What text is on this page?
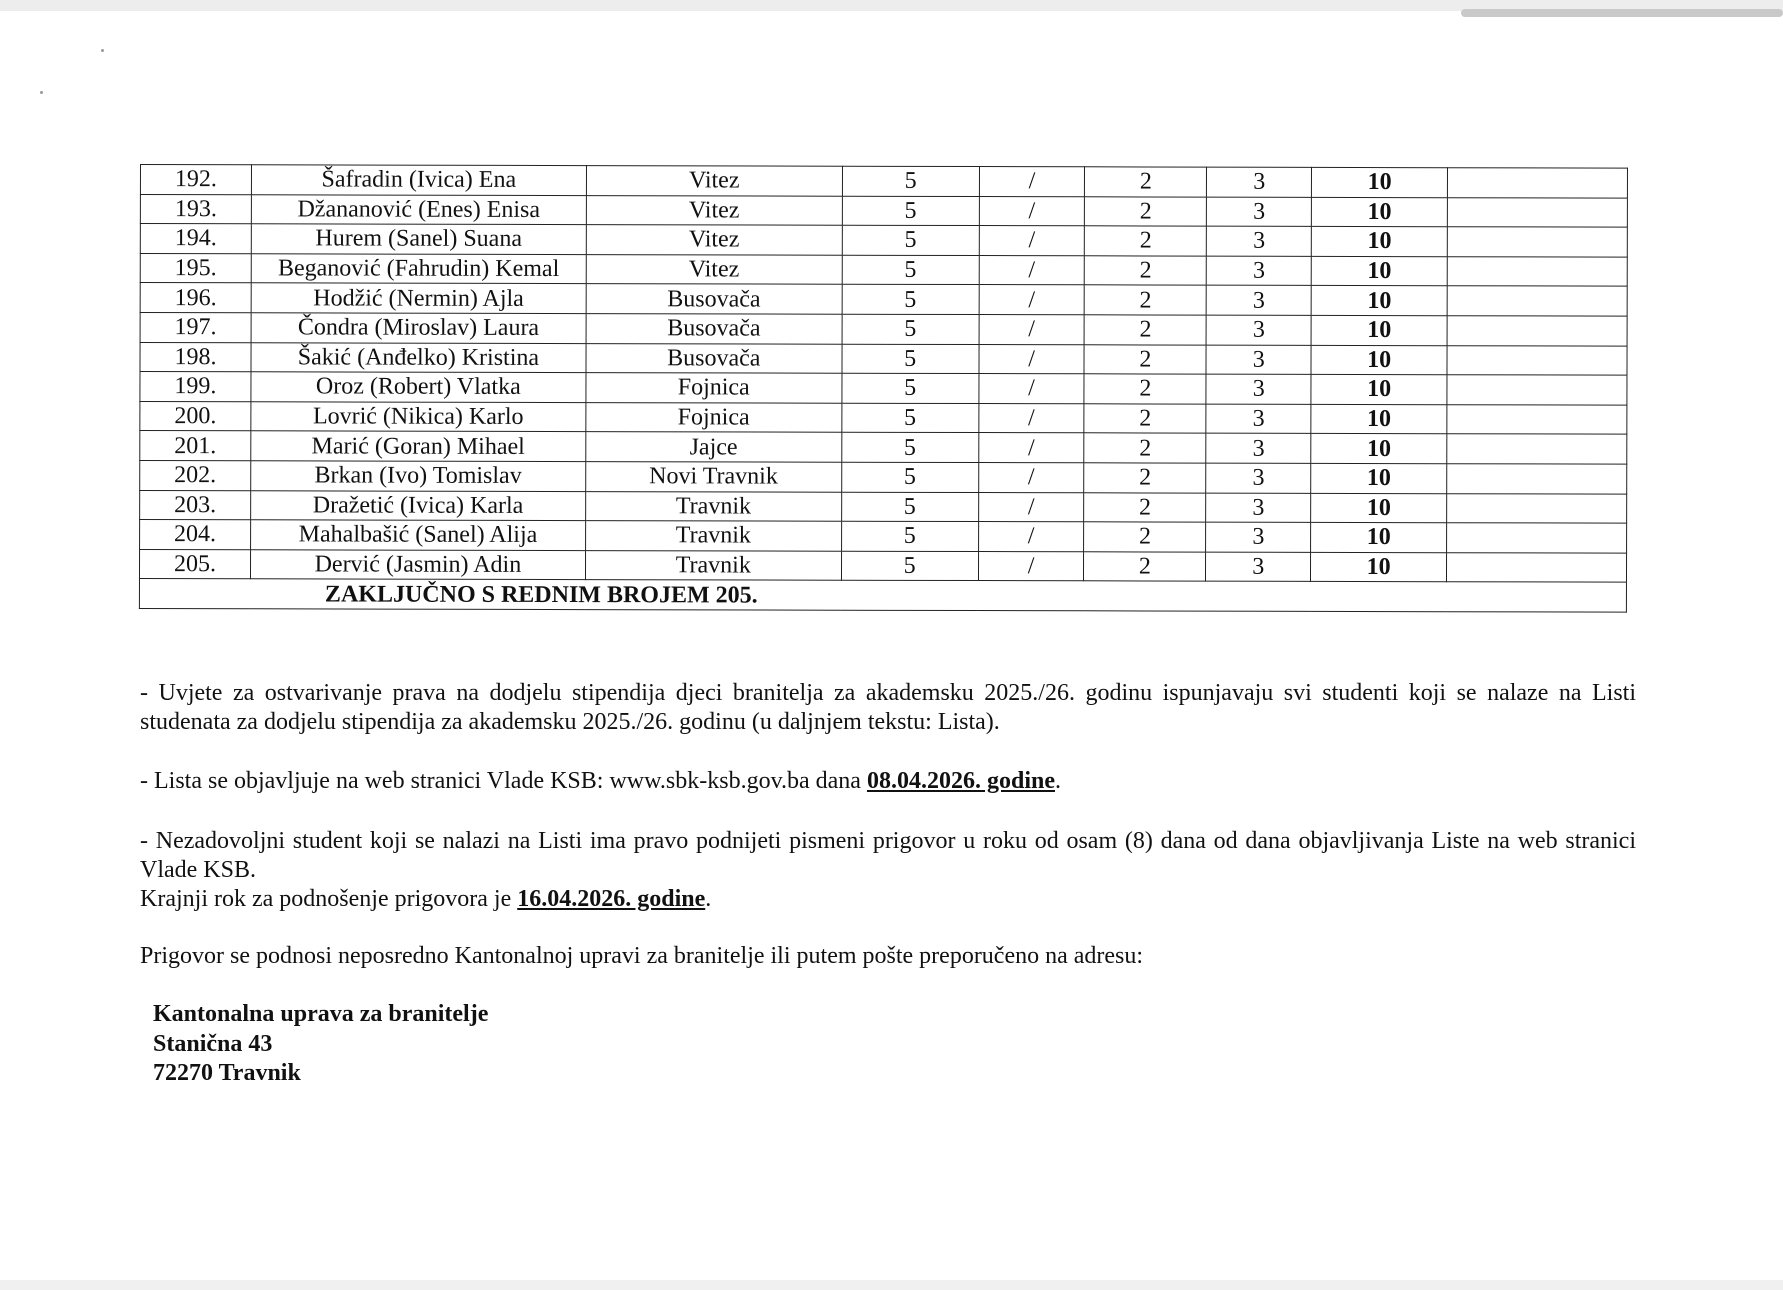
192.	Šafradin (Ivica) Ena	Vitez	5	/	2	3	10	
193.	Džananović (Enes) Enisa	Vitez	5	/	2	3	10	
194.	Hurem (Sanel) Suana	Vitez	5	/	2	3	10	
195.	Beganović (Fahrudin) Kemal	Vitez	5	/	2	3	10	
196.	Hodžić (Nermin) Ajla	Busovača	5	/	2	3	10	
197.	Čondra (Miroslav) Laura	Busovača	5	/	2	3	10	
198.	Šakić (Anđelko) Kristina	Busovača	5	/	2	3	10	
199.	Oroz (Robert) Vlatka	Fojnica	5	/	2	3	10	
200.	Lovrić (Nikica) Karlo	Fojnica	5	/	2	3	10	
201.	Marić (Goran) Mihael	Jajce	5	/	2	3	10	
202.	Brkan (Ivo) Tomislav	Novi Travnik	5	/	2	3	10	
203.	Dražetić (Ivica) Karla	Travnik	5	/	2	3	10	
204.	Mahalbašić (Sanel) Alija	Travnik	5	/	2	3	10	
205.	Dervić (Jasmin) Adin	Travnik	5	/	2	3	10	
ZAKLJUČNO S REDNIM BROJEM 205.								
- Uvjete za ostvarivanje prava na dodjelu stipendija djeci branitelja za akademsku 2025./26. godinu ispunjavaju svi studenti koji se nalaze na Listi studenata za dodjelu stipendija za akademsku 2025./26. godinu (u daljnjem tekstu: Lista).
- Lista se objavljuje na web stranici Vlade KSB: www.sbk-ksb.gov.ba dana 08.04.2026. godine.
- Nezadovoljni student koji se nalazi na Listi ima pravo podnijeti pismeni prigovor u roku od osam (8) dana od dana objavljivanja Liste na web stranici Vlade KSB.
Krajnji rok za podnošenje prigovora je 16.04.2026. godine.
Prigovor se podnosi neposredno Kantonalnoj upravi za branitelje ili putem pošte preporučeno na adresu:
Kantonalna uprava za branitelje
Stanična 43
72270 Travnik
